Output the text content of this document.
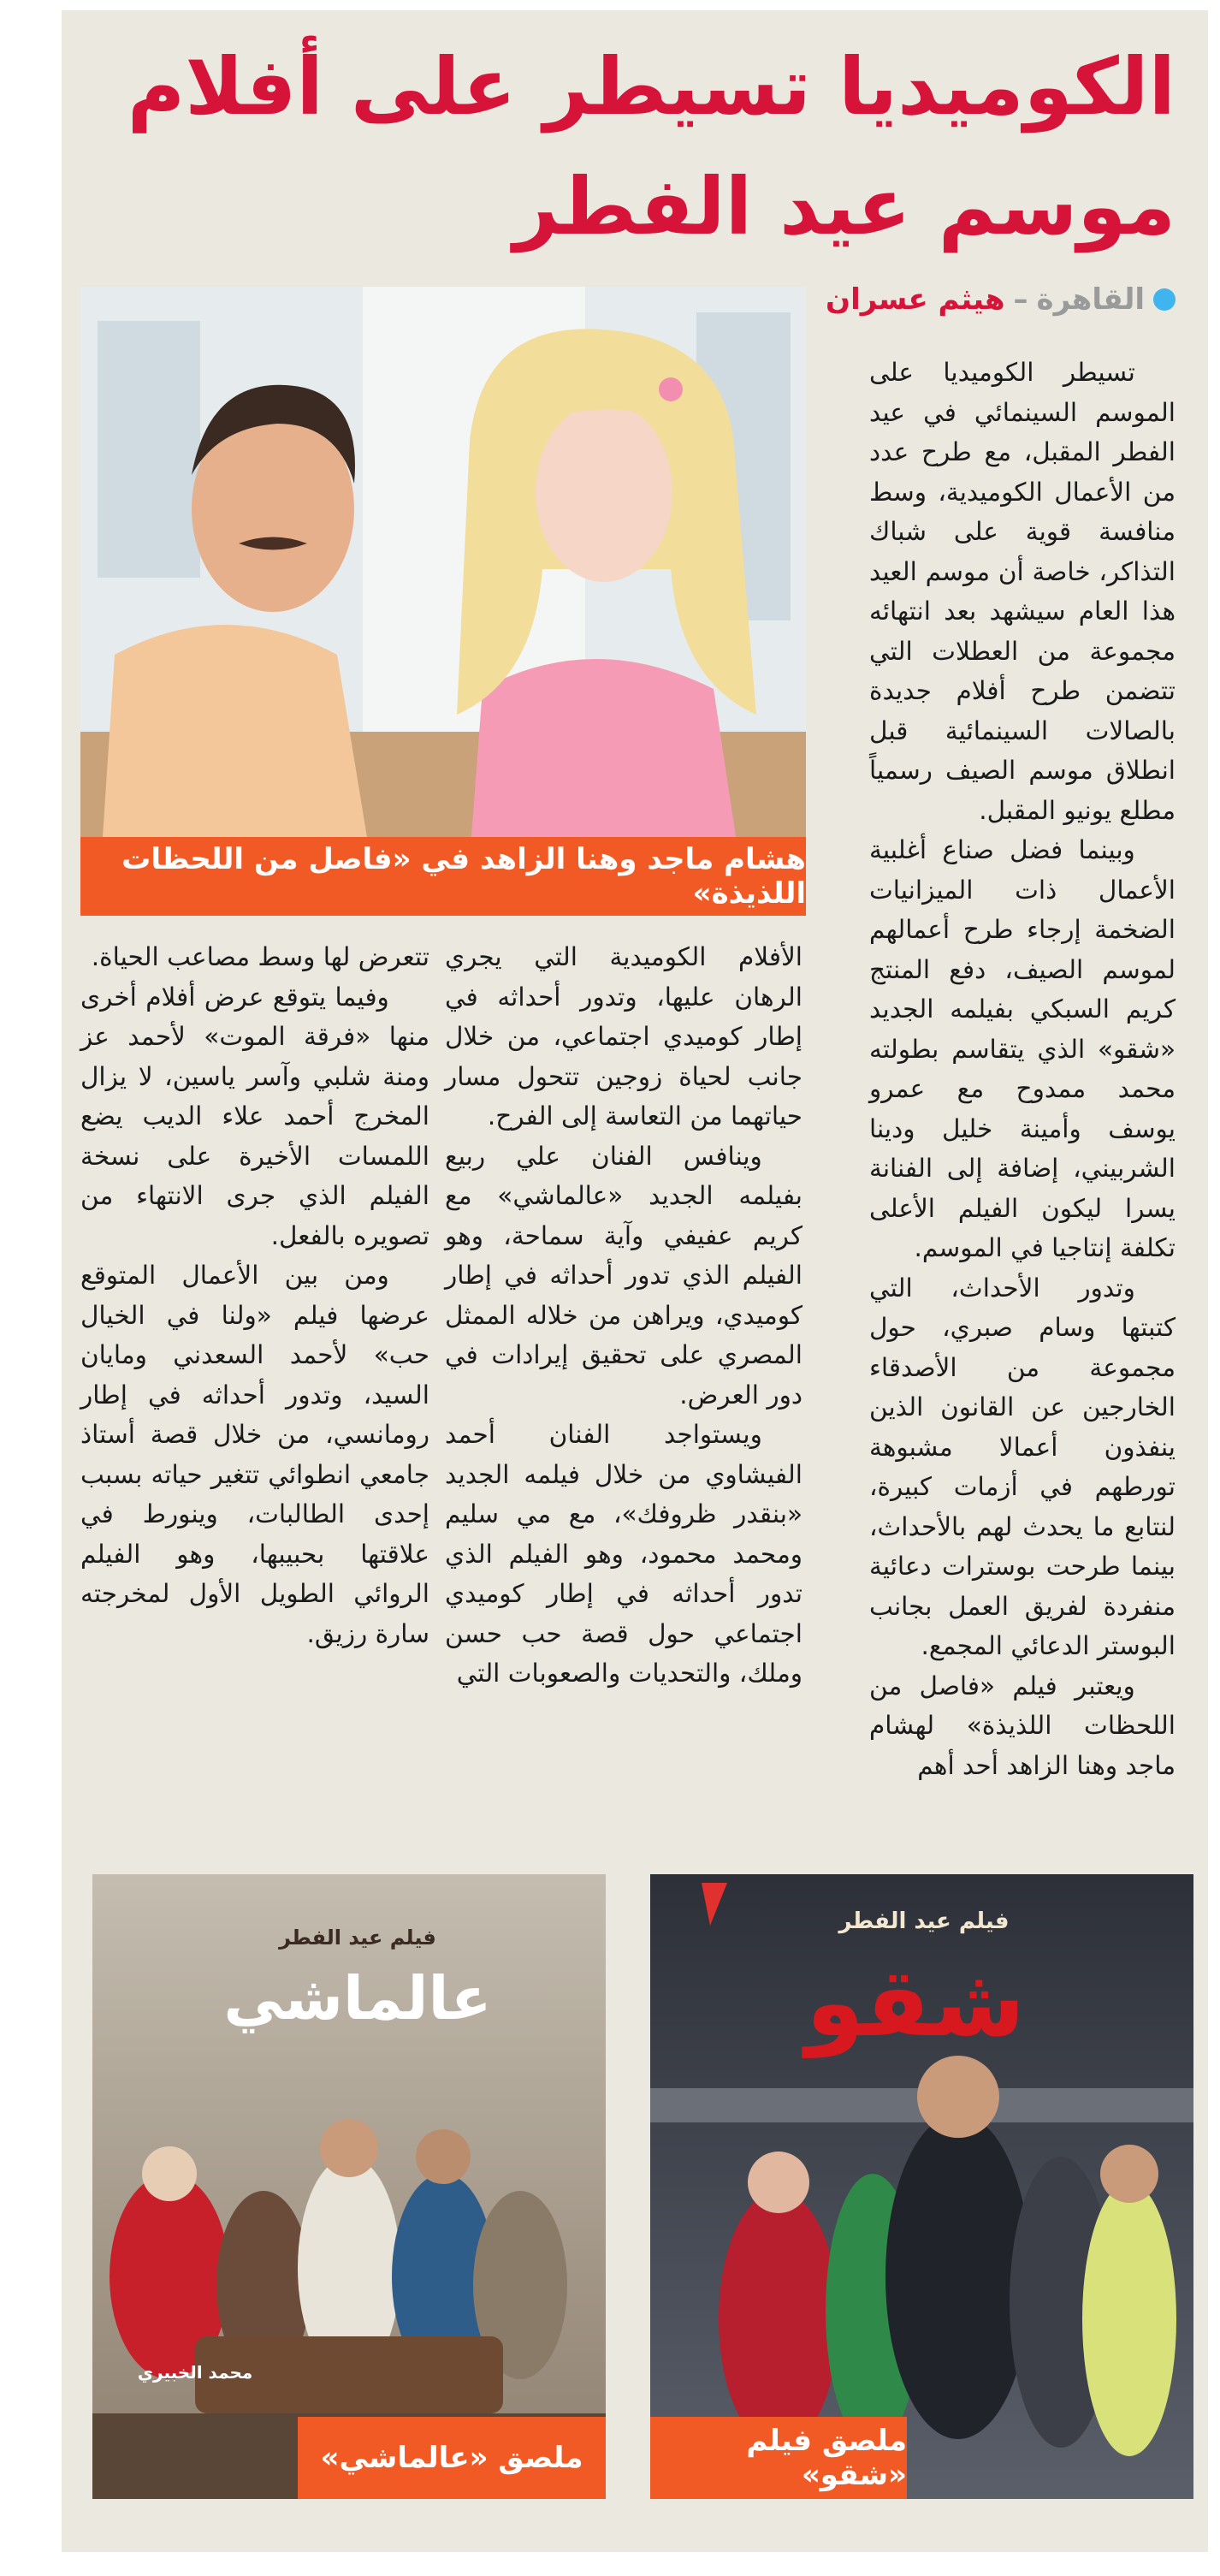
الكوميديا تسيطر على أفلام
موسم عيد الفطر
القاهرة
–
هيثم عسران
هشام ماجد وهنا الزاهد في «فاصل من اللحظات اللذيذة»

تسيطر الكوميديا على الموسم السينمائي في عيد الفطر المقبل، مع طرح عدد من الأعمال الكوميدية، وسط منافسة قوية على شباك التذاكر، خاصة أن موسم العيد هذا العام سيشهد بعد انتهائه مجموعة من العطلات التي تتضمن طرح أفلام جديدة بالصالات السينمائية قبل انطلاق موسم الصيف رسمياً مطلع يونيو المقبل.

وبينما فضل صناع أغلبية الأعمال ذات الميزانيات الضخمة إرجاء طرح أعمالهم لموسم الصيف، دفع المنتج كريم السبكي بفيلمه الجديد «شقو» الذي يتقاسم بطولته محمد ممدوح مع عمرو يوسف وأمينة خليل ودينا الشربيني، إضافة إلى الفنانة يسرا ليكون الفيلم الأعلى تكلفة إنتاجيا في الموسم.

وتدور الأحداث، التي كتبتها وسام صبري، حول مجموعة من الأصدقاء الخارجين عن القانون الذين ينفذون أعمالا مشبوهة تورطهم في أزمات كبيرة، لنتابع ما يحدث لهم بالأحداث، بينما طرحت بوسترات دعائية منفردة لفريق العمل بجانب البوستر الدعائي المجمع.

ويعتبر فيلم «فاصل من اللحظات اللذيذة» لهشام ماجد وهنا الزاهد أحد أهم

الأفلام الكوميدية التي يجري الرهان عليها، وتدور أحداثه في إطار كوميدي اجتماعي، من خلال جانب لحياة زوجين تتحول مسار حياتهما من التعاسة إلى الفرح.

وينافس الفنان علي ربيع بفيلمه الجديد «عالماشي» مع كريم عفيفي وآية سماحة، وهو الفيلم الذي تدور أحداثه في إطار كوميدي، ويراهن من خلاله الممثل المصري على تحقيق إيرادات في دور العرض.

ويستواجد الفنان أحمد الفيشاوي من خلال فيلمه الجديد «بنقدر ظروفك»، مع مي سليم ومحمد محمود، وهو الفيلم الذي تدور أحداثه في إطار كوميدي اجتماعي حول قصة حب حسن وملك، والتحديات والصعوبات التي

تتعرض لها وسط مصاعب الحياة.

وفيما يتوقع عرض أفلام أخرى منها «فرقة الموت» لأحمد عز ومنة شلبي وآسر ياسين، لا يزال المخرج أحمد علاء الديب يضع اللمسات الأخيرة على نسخة الفيلم الذي جرى الانتهاء من تصويره بالفعل.

ومن بين الأعمال المتوقع عرضها فيلم «ولنا في الخيال حب» لأحمد السعدني ومايان السيد، وتدور أحداثه في إطار رومانسي، من خلال قصة أستاذ جامعي انطوائي تتغير حياته بسبب إحدى الطالبات، وينورط في علاقتها بحبيبها، وهو الفيلم الروائي الطويل الأول لمخرجته سارة رزيق.

فيلم عيد الفطر
شقو
ملصق فيلم «شقو»
فيلم عيد الفطر
عالماشي
محمد الخبيري
ملصق «عالماشي»
